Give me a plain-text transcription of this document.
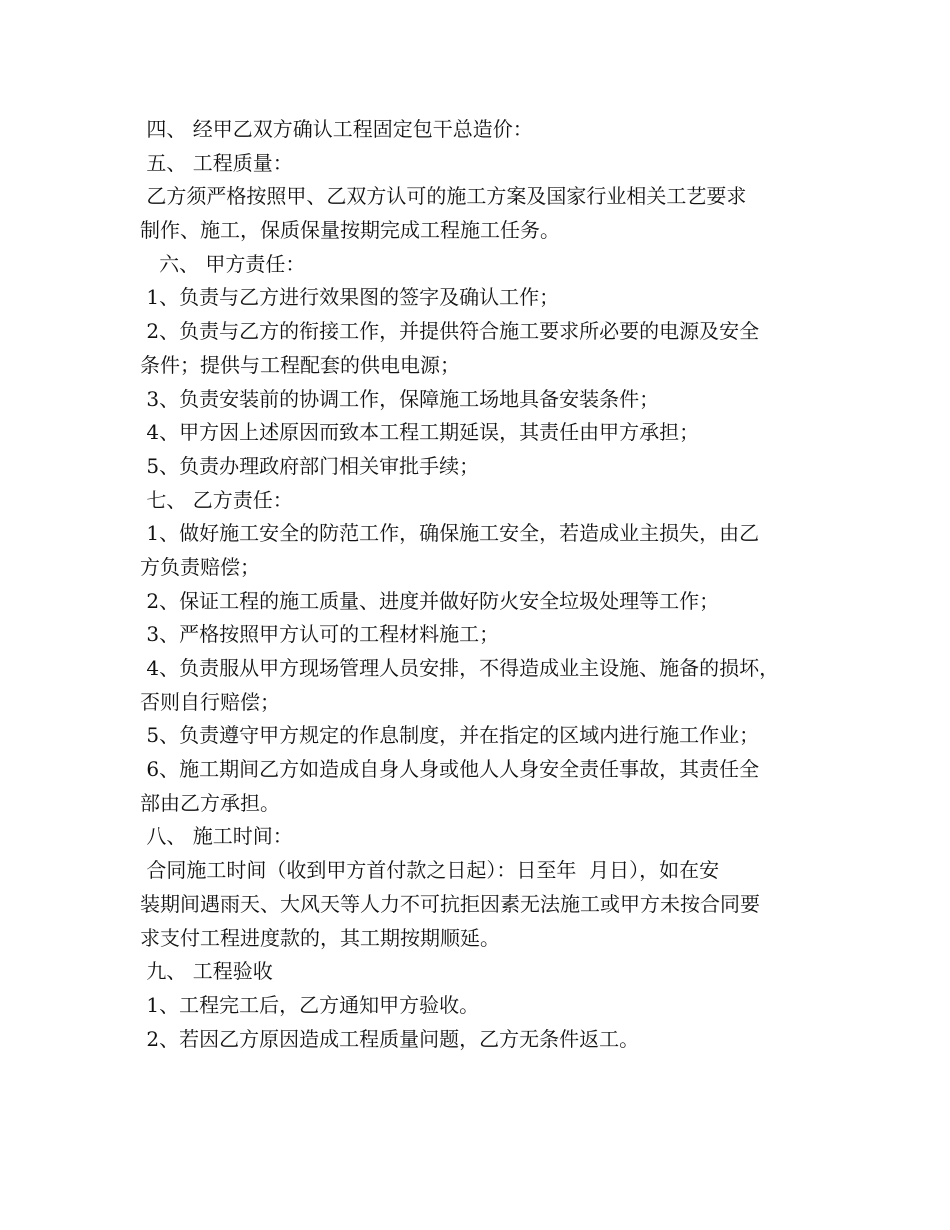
四、 经甲乙双方确认工程固定包干总造价：
五、 工程质量：
乙方须严格按照甲、乙双方认可的施工方案及国家行业相关工艺要求
制作、施工，保质保量按期完成工程施工任务。
六、 甲方责任：
1、负责与乙方进行效果图的签字及确认工作；
2、负责与乙方的衔接工作，并提供符合施工要求所必要的电源及安全
条件；提供与工程配套的供电电源；
3、负责安装前的协调工作，保障施工场地具备安装条件；
4、甲方因上述原因而致本工程工期延误，其责任由甲方承担；
5、负责办理政府部门相关审批手续；
七、 乙方责任：
1、做好施工安全的防范工作，确保施工安全，若造成业主损失，由乙
方负责赔偿；
2、保证工程的施工质量、进度并做好防火安全垃圾处理等工作；
3、严格按照甲方认可的工程材料施工；
4、负责服从甲方现场管理人员安排，不得造成业主设施、施备的损坏，
否则自行赔偿；
5、负责遵守甲方规定的作息制度，并在指定的区域内进行施工作业；
6、施工期间乙方如造成自身人身或他人人身安全责任事故，其责任全
部由乙方承担。
八、 施工时间：
合同施工时间（收到甲方首付款之日起）：日至年  月日），如在安
装期间遇雨天、大风天等人力不可抗拒因素无法施工或甲方未按合同要
求支付工程进度款的，其工期按期顺延。
九、 工程验收
1、工程完工后，乙方通知甲方验收。
2、若因乙方原因造成工程质量问题，乙方无条件返工。
